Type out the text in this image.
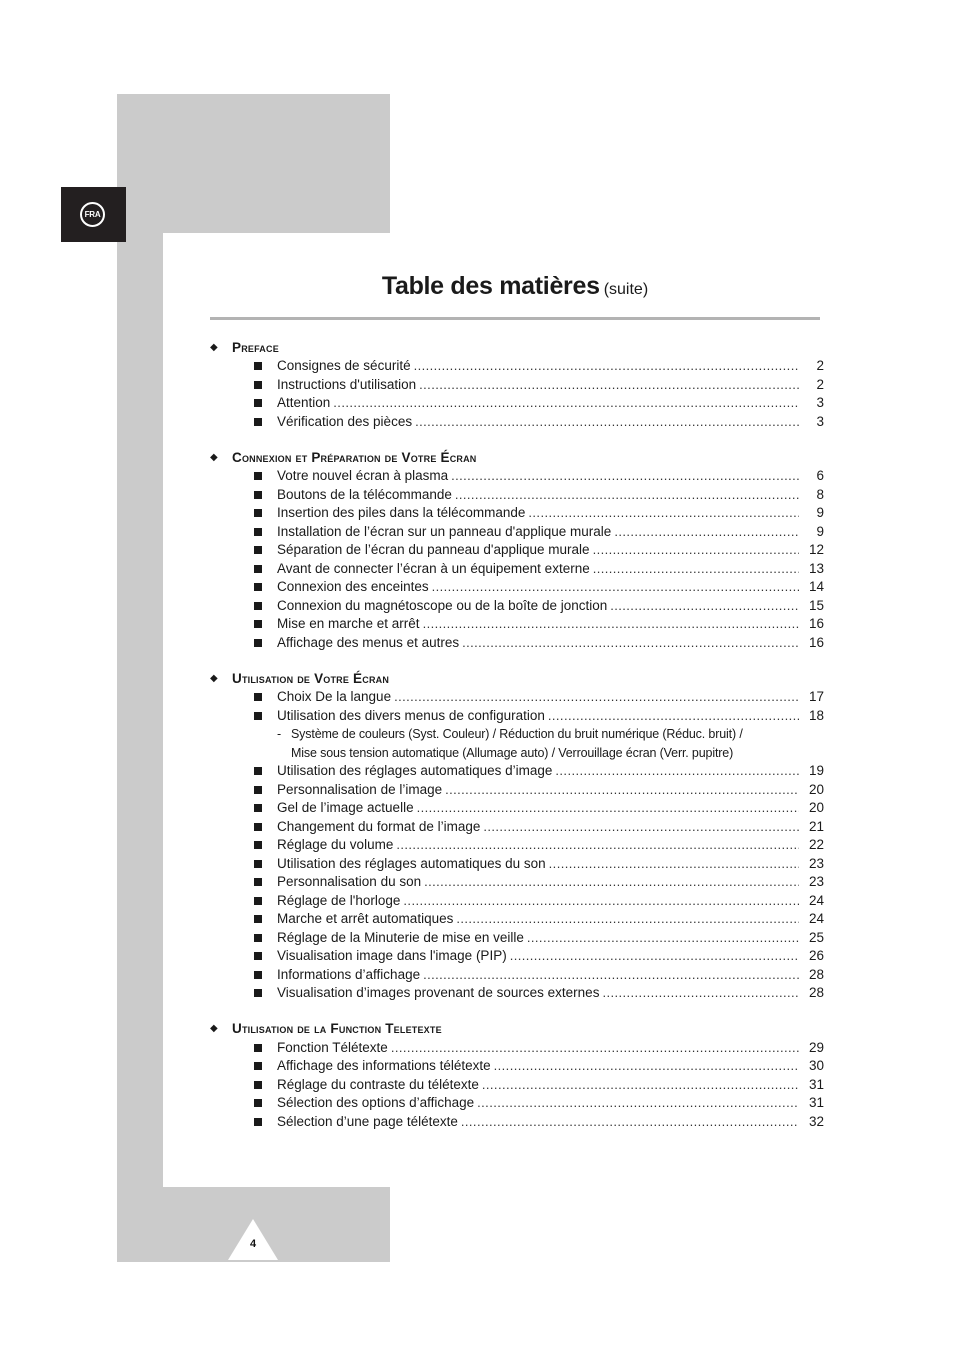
FRA
4
Table des matières (suite)
◆	Preface
Consignes de sécurité .....	2
Instructions d'utilisation .....	2
Attention .....	3
Vérification des pièces .....	3
◆	Connexion et Préparation de Votre Écran
Votre nouvel écran à plasma .....	6
Boutons de la télécommande .....	8
Insertion des piles dans la télécommande .....	9
Installation de l’écran sur un panneau d'applique murale .....	9
Séparation de l’écran du panneau d'applique murale .....	12
Avant de connecter l’écran à un équipement externe .....	13
Connexion des enceintes .....	14
Connexion du magnétoscope ou de la boîte de jonction .....	15
Mise en marche et arrêt .....	16
Affichage des menus et autres .....	16
◆	Utilisation de Votre Écran
Choix De la langue .....	17
Utilisation des divers menus de configuration .....	18
- Système de couleurs (Syst. Couleur) / Réduction du bruit numérique (Réduc. bruit) /
Mise sous tension automatique (Allumage auto) / Verrouillage écran (Verr. pupitre)
Utilisation des réglages automatiques d’image .....	19
Personnalisation de l’image .....	20
Gel de l’image actuelle .....	20
Changement du format de l’image .....	21
Réglage du volume .....	22
Utilisation des réglages automatiques du son .....	23
Personnalisation du son .....	23
Réglage de l'horloge .....	24
Marche et arrêt automatiques .....	24
Réglage de la Minuterie de mise en veille .....	25
Visualisation image dans l'image (PIP) .....	26
Informations d’affichage .....	28
Visualisation d’images provenant de sources externes .....	28
◆	Utilisation de la Function Teletexte
Fonction Télétexte .....	29
Affichage des informations télétexte .....	30
Réglage du contraste du télétexte .....	31
Sélection des options d’affichage .....	31
Sélection d’une page télétexte .....	32
